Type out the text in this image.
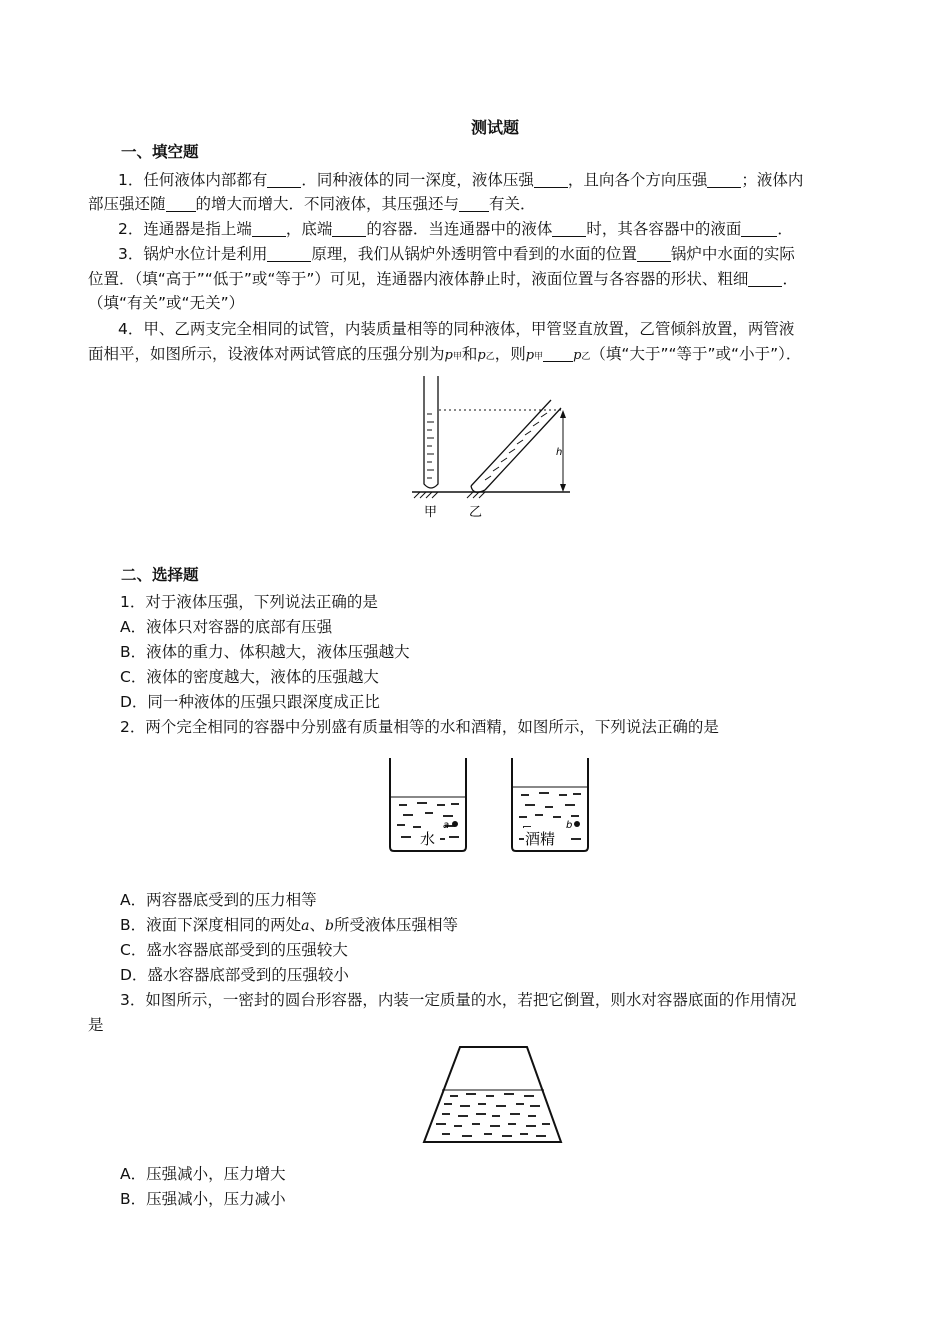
测试题
一、填空题
1．任何液体内部都有 ．同种液体的同一深度，液体压强 ，且向各个方向压强 ；液体内
部压强还随 的增大而增大．不同液体，其压强还与 有关．
2．连通器是指上端 ，底端 的容器．当连通器中的液体 时，其各容器中的液面 ．
3．锅炉水位计是利用	原理，我们从锅炉外透明管中看到的水面的位置 锅炉中水面的实际
位置．（填“高于”“低于”或“等于”）可见，连通器内液体静止时，液面位置与各容器的形状、粗细 ．
（填“有关”或“无关”）
4．甲、乙两支完全相同的试管，内装质量相等的同种液体，甲管竖直放置，乙管倾斜放置，两管液
面相平，如图所示，设液体对两试管底的压强分别为p甲和p乙，则p甲 p乙（填“大于”“等于”或“小于”）．
h
甲 乙
二、选择题
1．对于液体压强，下列说法正确的是
A．液体只对容器的底部有压强
B．液体的重力、体积越大，液体压强越大
C．液体的密度越大，液体的压强越大
D．同一种液体的压强只跟深度成正比
2．两个完全相同的容器中分别盛有质量相等的水和酒精，如图所示，下列说法正确的是
水	酒精
a	b
A．两容器底受到的压力相等
B．液面下深度相同的两处a、b所受液体压强相等
C．盛水容器底部受到的压强较大
D．盛水容器底部受到的压强较小
3．如图所示，一密封的圆台形容器，内装一定质量的水，若把它倒置，则水对容器底面的作用情况
是
A．压强减小，压力增大
B．压强减小，压力减小
